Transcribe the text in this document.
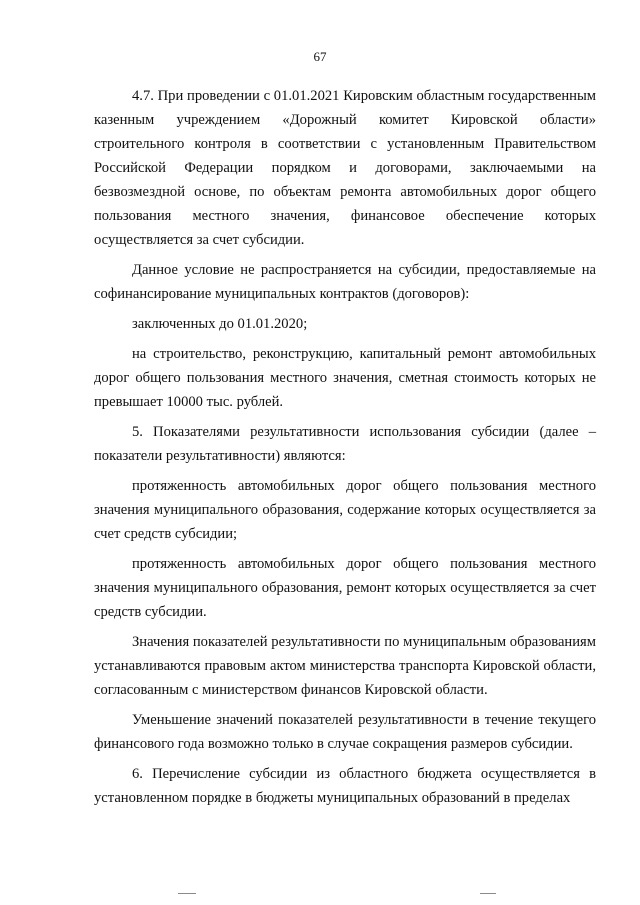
67

4.7. При проведении с 01.01.2021 Кировским областным государственным казенным учреждением «Дорожный комитет Кировской области» строительного контроля в соответствии с установленным Правительством Российской Федерации порядком и договорами, заключаемыми на безвозмездной основе, по объектам ремонта автомобильных дорог общего пользования местного значения, финансовое обеспечение которых осуществляется за счет субсидии.

Данное условие не распространяется на субсидии, предоставляемые на софинансирование муниципальных контрактов (договоров):

заключенных до 01.01.2020;

на строительство, реконструкцию, капитальный ремонт автомобильных дорог общего пользования местного значения, сметная стоимость которых не превышает 10000 тыс. рублей.

5. Показателями результативности использования субсидии (далее – показатели результативности) являются:

протяженность автомобильных дорог общего пользования местного значения муниципального образования, содержание которых осуществляется за счет средств субсидии;

протяженность автомобильных дорог общего пользования местного значения муниципального образования, ремонт которых осуществляется за счет средств субсидии.

Значения показателей результативности по муниципальным образованиям устанавливаются правовым актом министерства транспорта Кировской области, согласованным с министерством финансов Кировской области.

Уменьшение значений показателей результативности в течение текущего финансового года возможно только в случае сокращения размеров субсидии.

6. Перечисление субсидии из областного бюджета осуществляется в установленном порядке в бюджеты муниципальных образований в пределах
